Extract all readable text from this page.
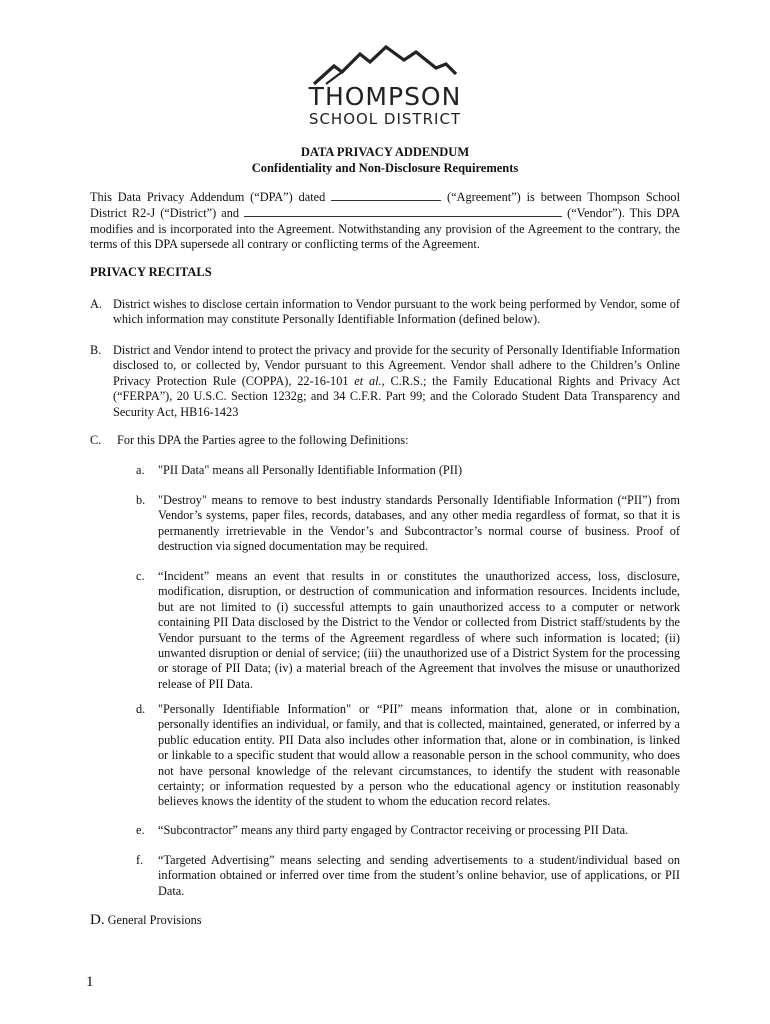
THOMPSON
SCHOOL DISTRICT
DATA PRIVACY ADDENDUM
Confidentiality and Non-Disclosure Requirements
This Data Privacy Addendum (“DPA”) dated	(“Agreement”) is between Thompson School District R2-J (“District”) and	(“Vendor”). This DPA modifies and is incorporated into the Agreement. Notwithstanding any provision of the Agreement to the contrary, the terms of this DPA supersede all contrary or conflicting terms of the Agreement.
PRIVACY RECITALS
A. District wishes to disclose certain information to Vendor pursuant to the work being performed by Vendor, some of which information may constitute Personally Identifiable Information (defined below).
B. District and Vendor intend to protect the privacy and provide for the security of Personally Identifiable Information disclosed to, or collected by, Vendor pursuant to this Agreement. Vendor shall adhere to the Children’s Online Privacy Protection Rule (COPPA), 22-16-101 et al., C.R.S.; the Family Educational Rights and Privacy Act (“FERPA”), 20 U.S.C. Section 1232g; and 34 C.F.R. Part 99; and the Colorado Student Data Transparency and Security Act, HB16-1423
C. For this DPA the Parties agree to the following Definitions:
a. "PII Data" means all Personally Identifiable Information (PII)
b. "Destroy" means to remove to best industry standards Personally Identifiable Information (“PII”) from Vendor’s systems, paper files, records, databases, and any other media regardless of format, so that it is permanently irretrievable in the Vendor’s and Subcontractor’s normal course of business. Proof of destruction via signed documentation may be required.
c. “Incident” means an event that results in or constitutes the unauthorized access, loss, disclosure, modification, disruption, or destruction of communication and information resources. Incidents include, but are not limited to (i) successful attempts to gain unauthorized access to a computer or network containing PII Data disclosed by the District to the Vendor or collected from District staff/students by the Vendor pursuant to the terms of the Agreement regardless of where such information is located; (ii) unwanted disruption or denial of service; (iii) the unauthorized use of a District System for the processing or storage of PII Data; (iv) a material breach of the Agreement that involves the misuse or unauthorized release of PII Data.
d. "Personally Identifiable Information" or “PII” means information that, alone or in combination, personally identifies an individual, or family, and that is collected, maintained, generated, or inferred by a public education entity. PII Data also includes other information that, alone or in combination, is linked or linkable to a specific student that would allow a reasonable person in the school community, who does not have personal knowledge of the relevant circumstances, to identify the student with reasonable certainty; or information requested by a person who the educational agency or institution reasonably believes knows the identity of the student to whom the education record relates.
e. “Subcontractor” means any third party engaged by Contractor receiving or processing PII Data.
f. “Targeted Advertising” means selecting and sending advertisements to a student/individual based on information obtained or inferred over time from the student’s online behavior, use of applications, or PII Data.
D. General Provisions
1
